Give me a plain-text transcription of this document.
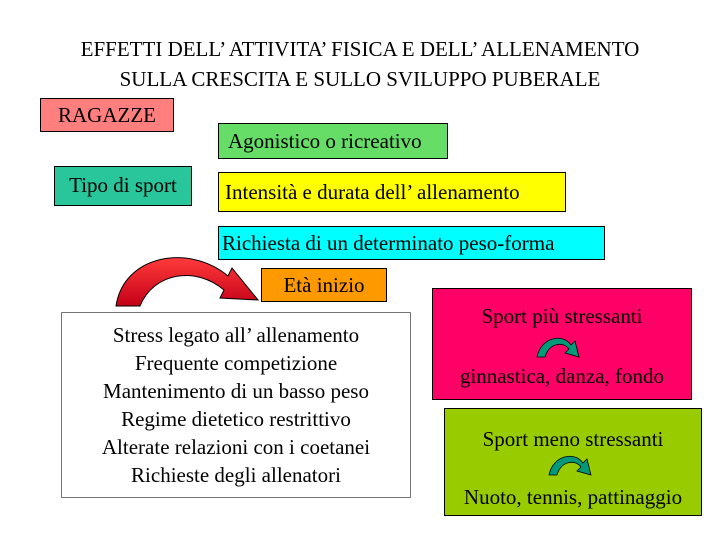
EFFETTI DELL’ ATTIVITA’ FISICA E DELL’ ALLENAMENTO
SULLA CRESCITA E SULLO SVILUPPO PUBERALE
RAGAZZE
Agonistico o ricreativo
Tipo di sport	Intensità e durata dell’ allenamento
Richiesta di un determinato peso-forma
Età inizio
Stress legato all’ allenamento
Frequente competizione
Mantenimento di un basso peso
Regime dietetico restrittivo
Alterate relazioni con i coetanei
Richieste degli allenatori
Sport più stressanti
ginnastica, danza, fondo
Sport meno stressanti
Nuoto, tennis, pattinaggio
